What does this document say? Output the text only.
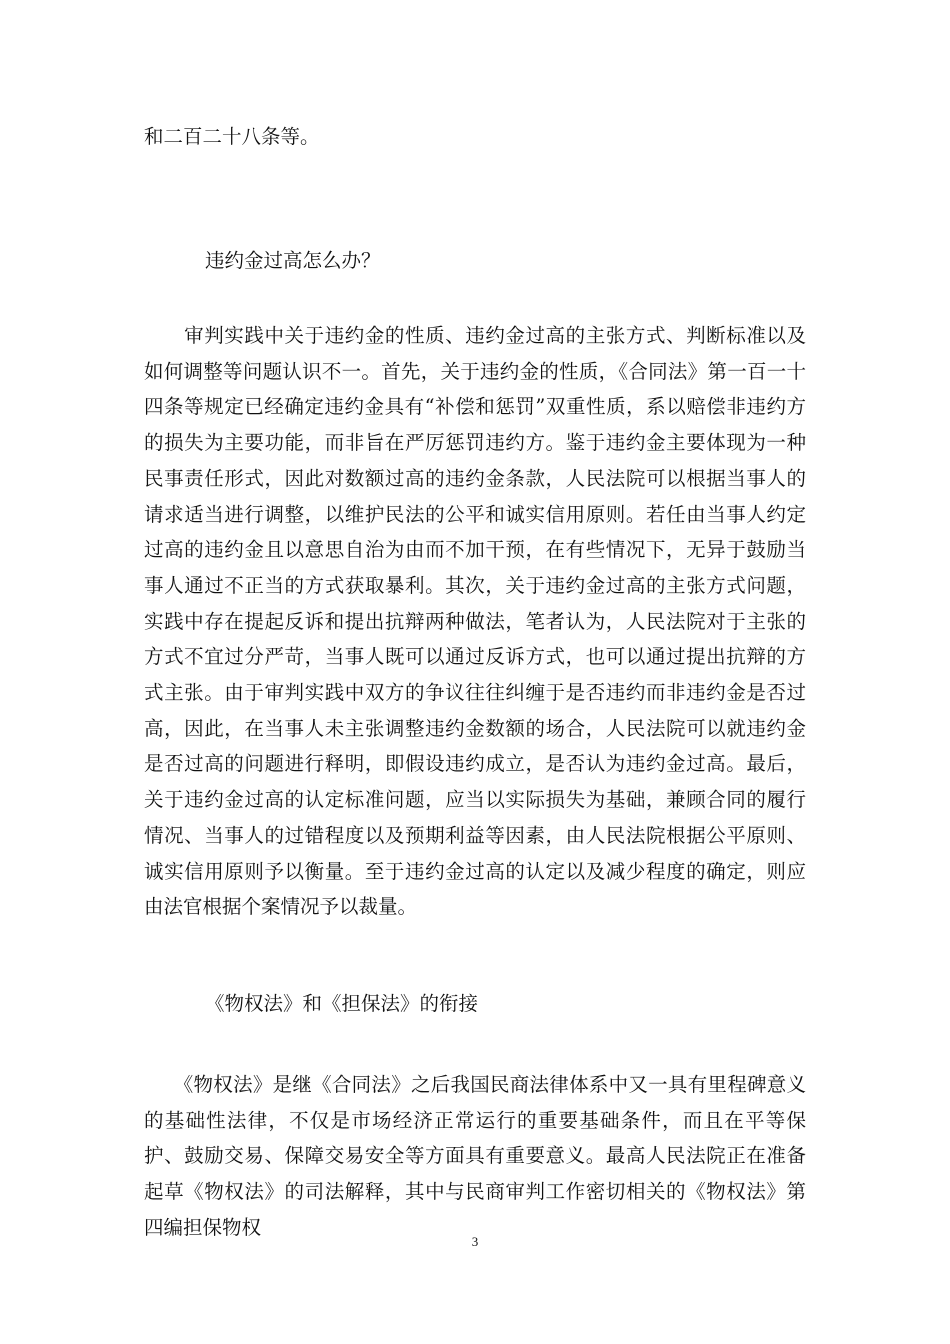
和二百二十八条等。
违约金过高怎么办？
　　审判实践中关于违约金的性质、违约金过高的主张方式、判断标准以及如何调整等问题认识不一。首先，关于违约金的性质，《合同法》第一百一十四条等规定已经确定违约金具有“补偿和惩罚”双重性质，系以赔偿非违约方的损失为主要功能，而非旨在严厉惩罚违约方。鉴于违约金主要体现为一种民事责任形式，因此对数额过高的违约金条款，人民法院可以根据当事人的请求适当进行调整，以维护民法的公平和诚实信用原则。若任由当事人约定过高的违约金且以意思自治为由而不加干预，在有些情况下，无异于鼓励当事人通过不正当的方式获取暴利。其次，关于违约金过高的主张方式问题，实践中存在提起反诉和提出抗辩两种做法，笔者认为，人民法院对于主张的方式不宜过分严苛，当事人既可以通过反诉方式，也可以通过提出抗辩的方式主张。由于审判实践中双方的争议往往纠缠于是否违约而非违约金是否过高，因此，在当事人未主张调整违约金数额的场合，人民法院可以就违约金是否过高的问题进行释明，即假设违约成立，是否认为违约金过高。最后，关于违约金过高的认定标准问题，应当以实际损失为基础，兼顾合同的履行情况、当事人的过错程度以及预期利益等因素，由人民法院根据公平原则、诚实信用原则予以衡量。至于违约金过高的认定以及减少程度的确定，则应由法官根据个案情况予以裁量。
《物权法》和《担保法》的衔接
　　《物权法》是继《合同法》之后我国民商法律体系中又一具有里程碑意义的基础性法律，不仅是市场经济正常运行的重要基础条件，而且在平等保护、鼓励交易、保障交易安全等方面具有重要意义。最高人民法院正在准备起草《物权法》的司法解释，其中与民商审判工作密切相关的《物权法》第四编担保物权
3
